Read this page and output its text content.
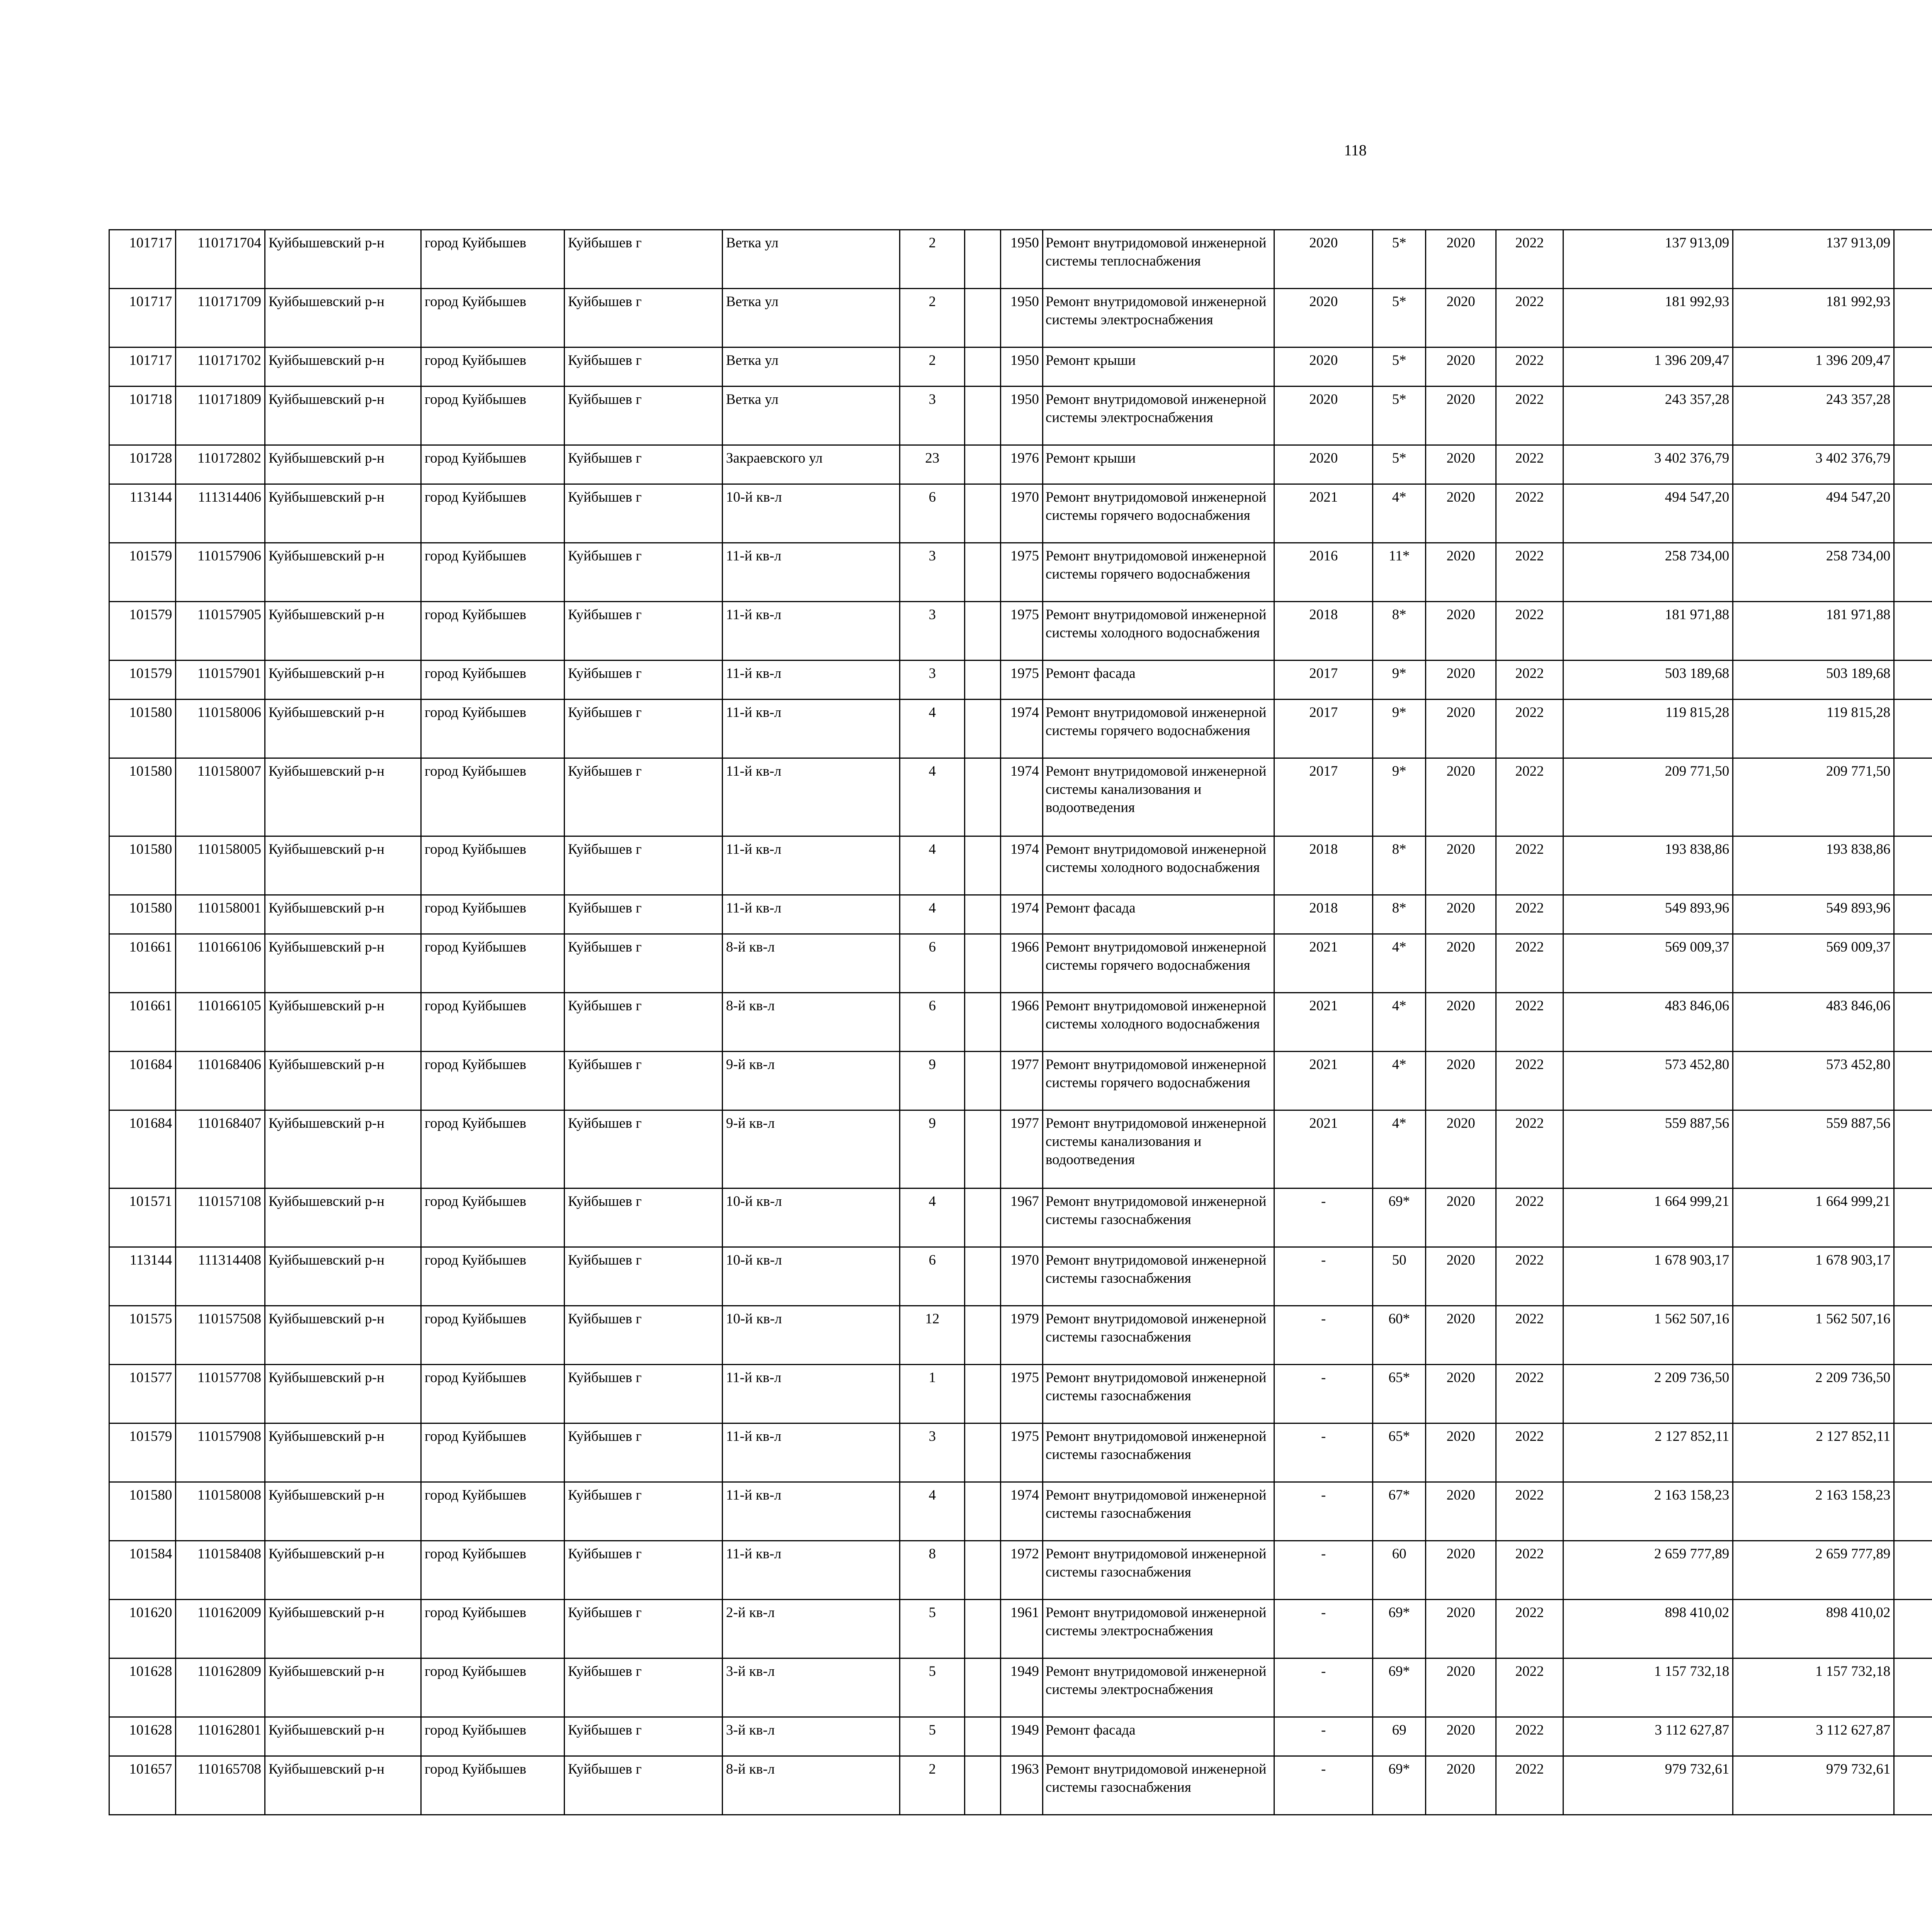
118
101717	110171704	Куйбышевский р-н	город Куйбышев	Куйбышев г	Ветка ул	2		1950	Ремонт внутридомовой инженерной системы теплоснабжения	2020	5*	2020	2022	137 913,09	137 913,09						
101717	110171709	Куйбышевский р-н	город Куйбышев	Куйбышев г	Ветка ул	2		1950	Ремонт внутридомовой инженерной системы электроснабжения	2020	5*	2020	2022	181 992,93	181 992,93						
101717	110171702	Куйбышевский р-н	город Куйбышев	Куйбышев г	Ветка ул	2		1950	Ремонт крыши	2020	5*	2020	2022	1 396 209,47	1 396 209,47						
101718	110171809	Куйбышевский р-н	город Куйбышев	Куйбышев г	Ветка ул	3		1950	Ремонт внутридомовой инженерной системы электроснабжения	2020	5*	2020	2022	243 357,28	243 357,28						
101728	110172802	Куйбышевский р-н	город Куйбышев	Куйбышев г	Закраевского ул	23		1976	Ремонт крыши	2020	5*	2020	2022	3 402 376,79	3 402 376,79						
113144	111314406	Куйбышевский р-н	город Куйбышев	Куйбышев г	10-й кв-л	6		1970	Ремонт внутридомовой инженерной системы горячего водоснабжения	2021	4*	2020	2022	494 547,20	494 547,20						
101579	110157906	Куйбышевский р-н	город Куйбышев	Куйбышев г	11-й кв-л	3		1975	Ремонт внутридомовой инженерной системы горячего водоснабжения	2016	11*	2020	2022	258 734,00	258 734,00						
101579	110157905	Куйбышевский р-н	город Куйбышев	Куйбышев г	11-й кв-л	3		1975	Ремонт внутридомовой инженерной системы холодного водоснабжения	2018	8*	2020	2022	181 971,88	181 971,88						
101579	110157901	Куйбышевский р-н	город Куйбышев	Куйбышев г	11-й кв-л	3		1975	Ремонт фасада	2017	9*	2020	2022	503 189,68	503 189,68						
101580	110158006	Куйбышевский р-н	город Куйбышев	Куйбышев г	11-й кв-л	4		1974	Ремонт внутридомовой инженерной системы горячего водоснабжения	2017	9*	2020	2022	119 815,28	119 815,28						
101580	110158007	Куйбышевский р-н	город Куйбышев	Куйбышев г	11-й кв-л	4		1974	Ремонт внутридомовой инженерной системы канализования и водоотведения	2017	9*	2020	2022	209 771,50	209 771,50						
101580	110158005	Куйбышевский р-н	город Куйбышев	Куйбышев г	11-й кв-л	4		1974	Ремонт внутридомовой инженерной системы холодного водоснабжения	2018	8*	2020	2022	193 838,86	193 838,86						
101580	110158001	Куйбышевский р-н	город Куйбышев	Куйбышев г	11-й кв-л	4		1974	Ремонт фасада	2018	8*	2020	2022	549 893,96	549 893,96						
101661	110166106	Куйбышевский р-н	город Куйбышев	Куйбышев г	8-й кв-л	6		1966	Ремонт внутридомовой инженерной системы горячего водоснабжения	2021	4*	2020	2022	569 009,37	569 009,37						
101661	110166105	Куйбышевский р-н	город Куйбышев	Куйбышев г	8-й кв-л	6		1966	Ремонт внутридомовой инженерной системы холодного водоснабжения	2021	4*	2020	2022	483 846,06	483 846,06						
101684	110168406	Куйбышевский р-н	город Куйбышев	Куйбышев г	9-й кв-л	9		1977	Ремонт внутридомовой инженерной системы горячего водоснабжения	2021	4*	2020	2022	573 452,80	573 452,80						
101684	110168407	Куйбышевский р-н	город Куйбышев	Куйбышев г	9-й кв-л	9		1977	Ремонт внутридомовой инженерной системы канализования и водоотведения	2021	4*	2020	2022	559 887,56	559 887,56						
101571	110157108	Куйбышевский р-н	город Куйбышев	Куйбышев г	10-й кв-л	4		1967	Ремонт внутридомовой инженерной системы газоснабжения	-	69*	2020	2022	1 664 999,21	1 664 999,21						
113144	111314408	Куйбышевский р-н	город Куйбышев	Куйбышев г	10-й кв-л	6		1970	Ремонт внутридомовой инженерной системы газоснабжения	-	50	2020	2022	1 678 903,17	1 678 903,17						
101575	110157508	Куйбышевский р-н	город Куйбышев	Куйбышев г	10-й кв-л	12		1979	Ремонт внутридомовой инженерной системы газоснабжения	-	60*	2020	2022	1 562 507,16	1 562 507,16						
101577	110157708	Куйбышевский р-н	город Куйбышев	Куйбышев г	11-й кв-л	1		1975	Ремонт внутридомовой инженерной системы газоснабжения	-	65*	2020	2022	2 209 736,50	2 209 736,50						
101579	110157908	Куйбышевский р-н	город Куйбышев	Куйбышев г	11-й кв-л	3		1975	Ремонт внутридомовой инженерной системы газоснабжения	-	65*	2020	2022	2 127 852,11	2 127 852,11						
101580	110158008	Куйбышевский р-н	город Куйбышев	Куйбышев г	11-й кв-л	4		1974	Ремонт внутридомовой инженерной системы газоснабжения	-	67*	2020	2022	2 163 158,23	2 163 158,23						
101584	110158408	Куйбышевский р-н	город Куйбышев	Куйбышев г	11-й кв-л	8		1972	Ремонт внутридомовой инженерной системы газоснабжения	-	60	2020	2022	2 659 777,89	2 659 777,89						
101620	110162009	Куйбышевский р-н	город Куйбышев	Куйбышев г	2-й кв-л	5		1961	Ремонт внутридомовой инженерной системы электроснабжения	-	69*	2020	2022	898 410,02	898 410,02						
101628	110162809	Куйбышевский р-н	город Куйбышев	Куйбышев г	3-й кв-л	5		1949	Ремонт внутридомовой инженерной системы электроснабжения	-	69*	2020	2022	1 157 732,18	1 157 732,18						
101628	110162801	Куйбышевский р-н	город Куйбышев	Куйбышев г	3-й кв-л	5		1949	Ремонт фасада	-	69	2020	2022	3 112 627,87	3 112 627,87						
101657	110165708	Куйбышевский р-н	город Куйбышев	Куйбышев г	8-й кв-л	2		1963	Ремонт внутридомовой инженерной системы газоснабжения	-	69*	2020	2022	979 732,61	979 732,61						
